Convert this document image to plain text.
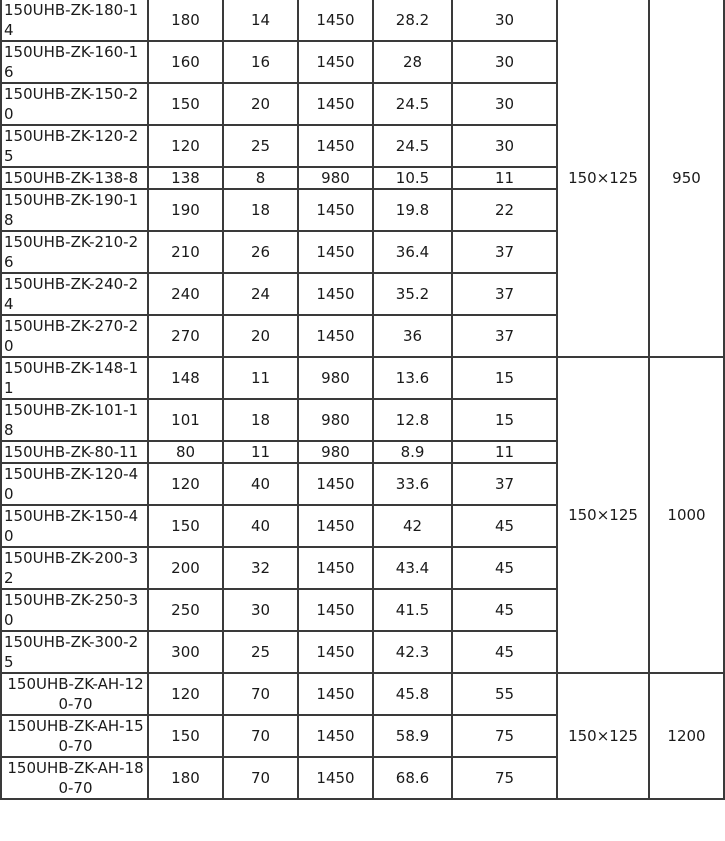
150UHB-ZK-180-14	180	14	1450	28.2	30	150×125	950
150UHB-ZK-160-16	160	16	1450	28	30		
150UHB-ZK-150-20	150	20	1450	24.5	30		
150UHB-ZK-120-25	120	25	1450	24.5	30		
150UHB-ZK-138-8	138	8	980	10.5	11		
150UHB-ZK-190-18	190	18	1450	19.8	22		
150UHB-ZK-210-26	210	26	1450	36.4	37		
150UHB-ZK-240-24	240	24	1450	35.2	37		
150UHB-ZK-270-20	270	20	1450	36	37		
150UHB-ZK-148-11	148	11	980	13.6	15	150×125	1000
150UHB-ZK-101-18	101	18	980	12.8	15		
150UHB-ZK-80-11	80	11	980	8.9	11		
150UHB-ZK-120-40	120	40	1450	33.6	37		
150UHB-ZK-150-40	150	40	1450	42	45		
150UHB-ZK-200-32	200	32	1450	43.4	45		
150UHB-ZK-250-30	250	30	1450	41.5	45		
150UHB-ZK-300-25	300	25	1450	42.3	45		
150UHB-ZK-AH-120-70	120	70	1450	45.8	55	150×125	1200
150UHB-ZK-AH-150-70	150	70	1450	58.9	75		
150UHB-ZK-AH-180-70	180	70	1450	68.6	75		
